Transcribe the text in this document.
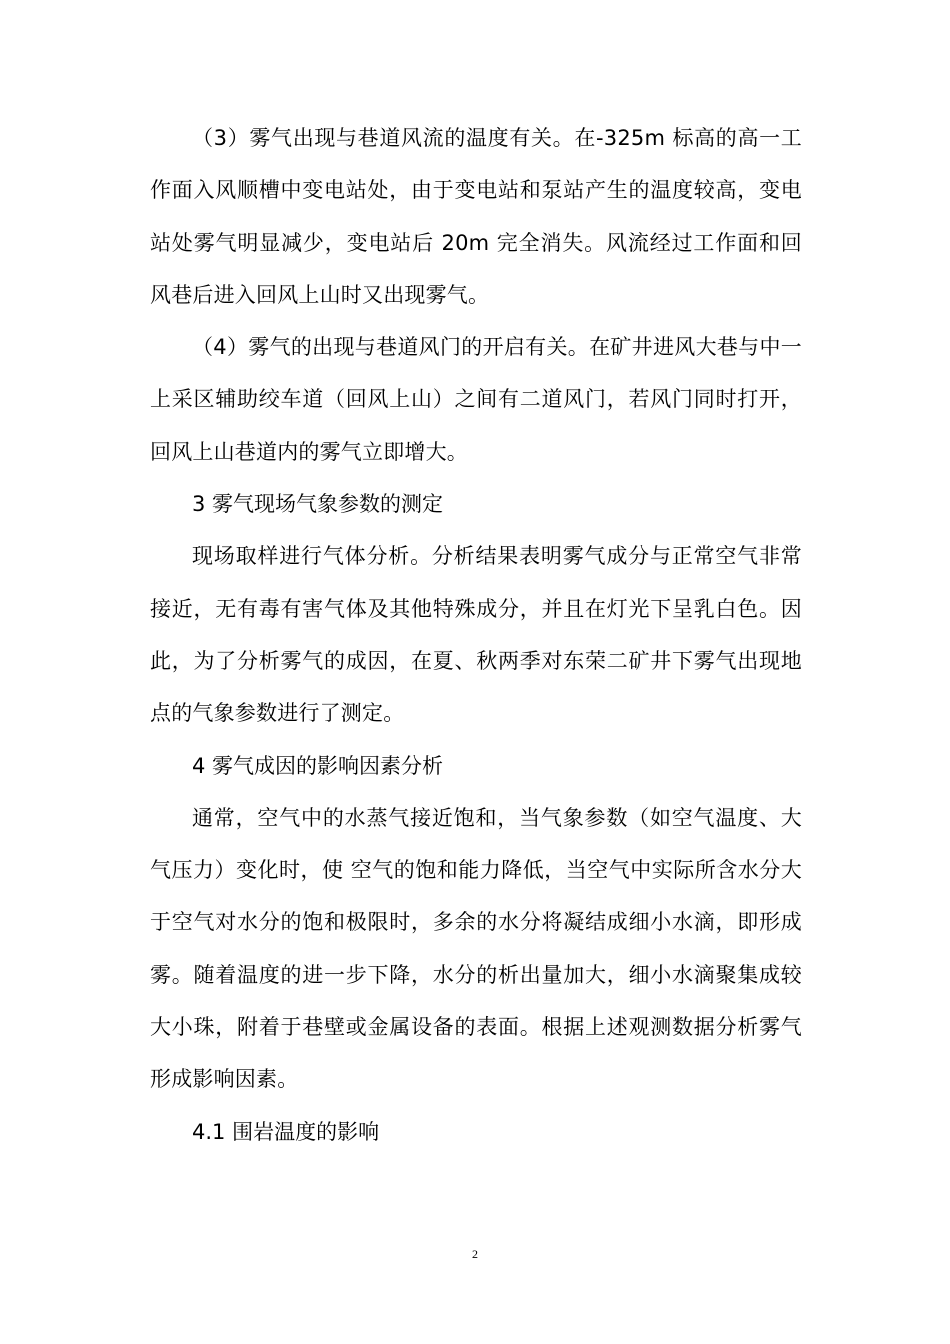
（3）雾气出现与巷道风流的温度有关。在-325m 标高的高一工作面入风顺槽中变电站处，由于变电站和泵站产生的温度较高，变电站处雾气明显减少，变电站后 20m 完全消失。风流经过工作面和回风巷后进入回风上山时又出现雾气。

（4）雾气的出现与巷道风门的开启有关。在矿井进风大巷与中一上采区辅助绞车道（回风上山）之间有二道风门，若风门同时打开，回风上山巷道内的雾气立即增大。

3 雾气现场气象参数的测定

现场取样进行气体分析。分析结果表明雾气成分与正常空气非常接近，无有毒有害气体及其他特殊成分，并且在灯光下呈乳白色。因此，为了分析雾气的成因，在夏、秋两季对东荣二矿井下雾气出现地点的气象参数进行了测定。

4 雾气成因的影响因素分析

通常，空气中的水蒸气接近饱和，当气象参数（如空气温度、大气压力）变化时，使 空气的饱和能力降低，当空气中实际所含水分大于空气对水分的饱和极限时，多余的水分将凝结成细小水滴，即形成雾。随着温度的进一步下降，水分的析出量加大，细小水滴聚集成较大小珠，附着于巷壁或金属设备的表面。根据上述观测数据分析雾气形成影响因素。

4.1 围岩温度的影响

2
